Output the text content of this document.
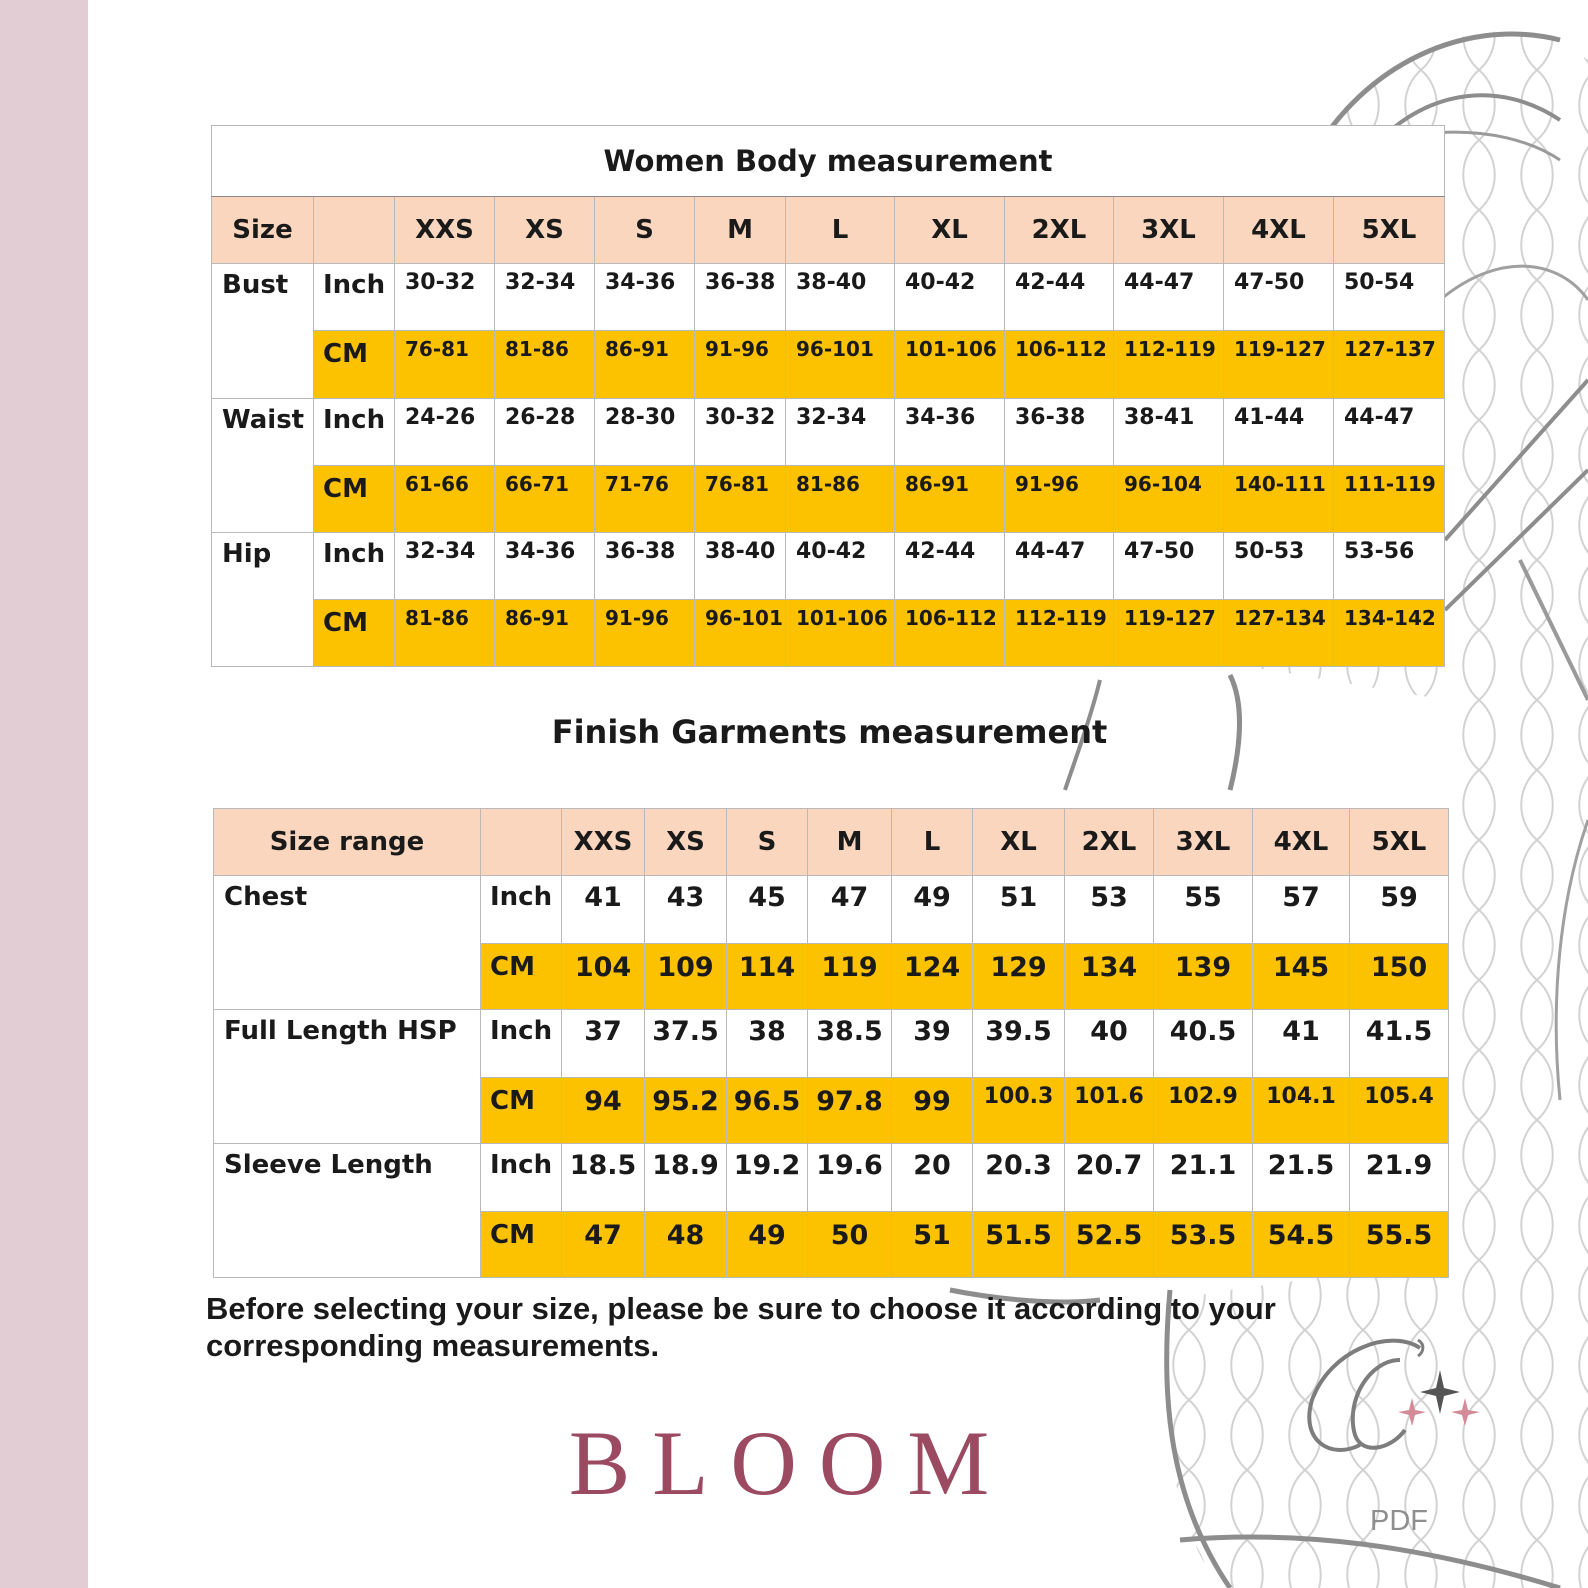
Women Body measurement											
Size		XXS	XS	S	M	L	XL	2XL	3XL	4XL	5XL
Bust	Inch	30-32	32-34	34-36	36-38	38-40	40-42	42-44	44-47	47-50	50-54
	CM	76-81	81-86	86-91	91-96	96-101	101-106	106-112	112-119	119-127	127-137
Waist	Inch	24-26	26-28	28-30	30-32	32-34	34-36	36-38	38-41	41-44	44-47
	CM	61-66	66-71	71-76	76-81	81-86	86-91	91-96	96-104	140-111	111-119
Hip	Inch	32-34	34-36	36-38	38-40	40-42	42-44	44-47	47-50	50-53	53-56
	CM	81-86	86-91	91-96	96-101	101-106	106-112	112-119	119-127	127-134	134-142
Finish Garments measurement
Size range		XXS	XS	S	M	L	XL	2XL	3XL	4XL	5XL
Chest	Inch	41	43	45	47	49	51	53	55	57	59
	CM	104	109	114	119	124	129	134	139	145	150
Full Length HSP	Inch	37	37.5	38	38.5	39	39.5	40	40.5	41	41.5
	CM	94	95.2	96.5	97.8	99	100.3	101.6	102.9	104.1	105.4
Sleeve Length	Inch	18.5	18.9	19.2	19.6	20	20.3	20.7	21.1	21.5	21.9
	CM	47	48	49	50	51	51.5	52.5	53.5	54.5	55.5
Before selecting your size, please be sure to choose it according to your corresponding measurements.
BLOOM
PDF
